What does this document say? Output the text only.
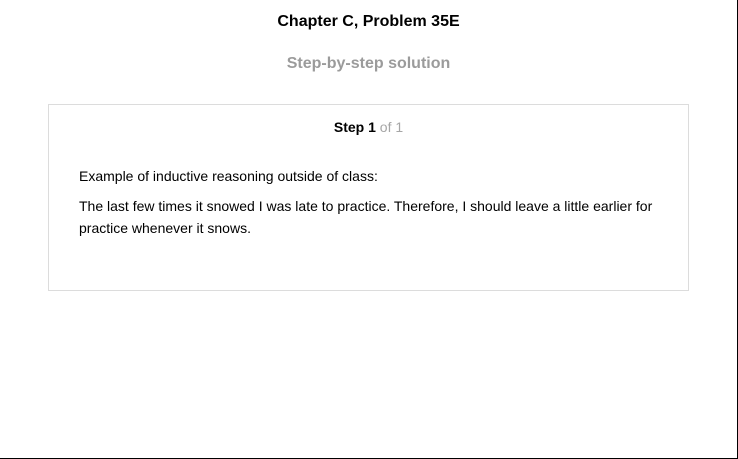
Chapter C, Problem 35E
Step-by-step solution
Step 1 of 1

Example of inductive reasoning outside of class:

The last few times it snowed I was late to practice. Therefore, I should leave a little earlier for practice whenever it snows.
